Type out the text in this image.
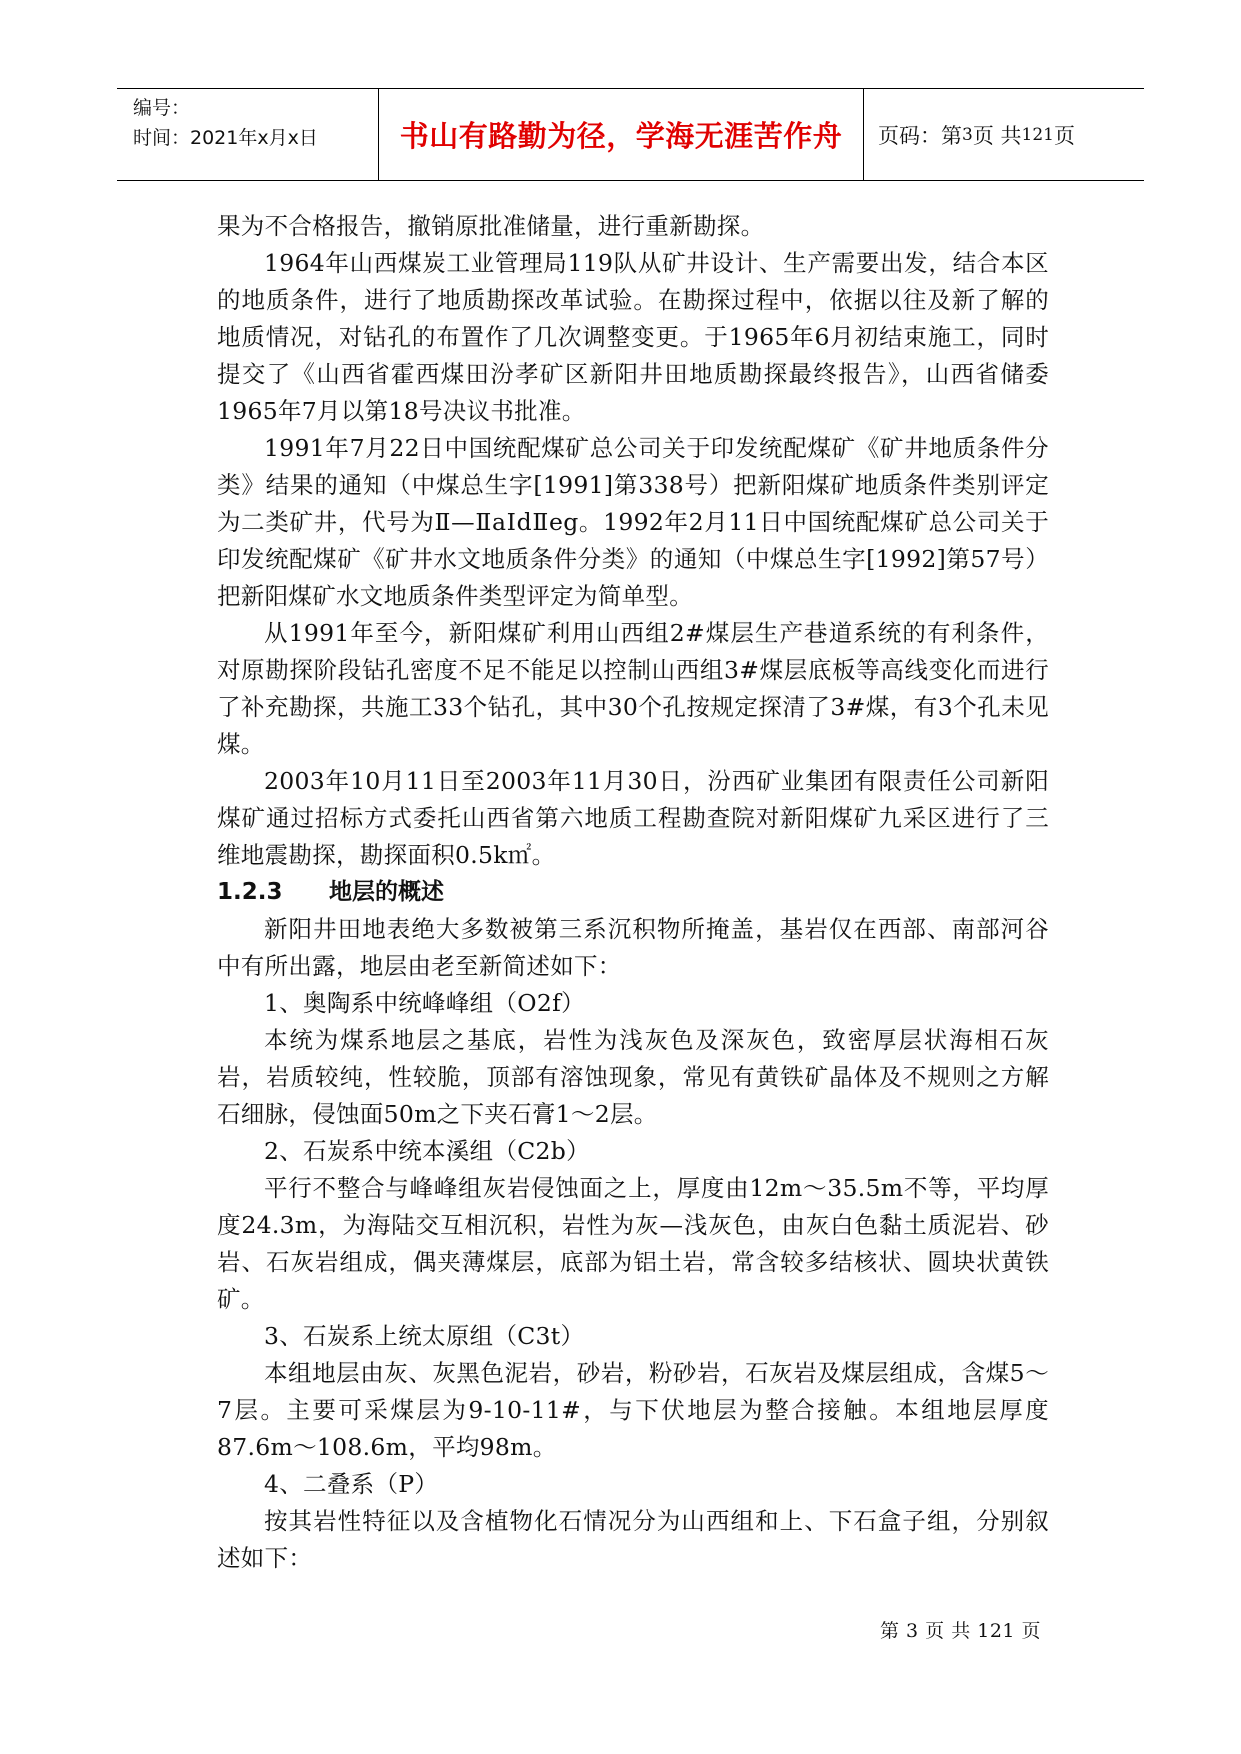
编号：
时间：2021年x月x日	书山有路勤为径，学海无涯苦作舟	页码：第 3 页 共 121 页

果为不合格报告，撤销原批准储量，进行重新勘探。

1964年山西煤炭工业管理局119队从矿井设计、生产需要出发，结合本区的地质条件，进行了地质勘探改革试验。在勘探过程中，依据以往及新了解的地质情况，对钻孔的布置作了几次调整变更。于1965年6月初结束施工，同时提交了《山西省霍西煤田汾孝矿区新阳井田地质勘探最终报告》，山西省储委1965年7月以第18号决议书批准。

1991年7月22日中国统配煤矿总公司关于印发统配煤矿《矿井地质条件分类》结果的通知（中煤总生字[1991]第338号）把新阳煤矿地质条件类别评定为二类矿井，代号为Ⅱ—ⅡaⅠdⅡeg。1992年2月11日中国统配煤矿总公司关于印发统配煤矿《矿井水文地质条件分类》的通知（中煤总生字[1992]第57号）把新阳煤矿水文地质条件类型评定为简单型。

从1991年至今，新阳煤矿利用山西组2#煤层生产巷道系统的有利条件，对原勘探阶段钻孔密度不足不能足以控制山西组3#煤层底板等高线变化而进行了补充勘探，共施工33个钻孔，其中30个孔按规定探清了3#煤，有3个孔未见煤。

2003年10月11日至2003年11月30日，汾西矿业集团有限责任公司新阳煤矿通过招标方式委托山西省第六地质工程勘查院对新阳煤矿九采区进行了三维地震勘探，勘探面积0.5k㎡。

1.2.3 地层的概述

新阳井田地表绝大多数被第三系沉积物所掩盖，基岩仅在西部、南部河谷中有所出露，地层由老至新简述如下：

1、奥陶系中统峰峰组（O2f）

本统为煤系地层之基底，岩性为浅灰色及深灰色，致密厚层状海相石灰岩，岩质较纯，性较脆，顶部有溶蚀现象，常见有黄铁矿晶体及不规则之方解石细脉，侵蚀面50m之下夹石膏1～2层。

2、石炭系中统本溪组（C2b）

平行不整合与峰峰组灰岩侵蚀面之上，厚度由12m～35.5m不等，平均厚度24.3m，为海陆交互相沉积，岩性为灰—浅灰色，由灰白色黏土质泥岩、砂岩、石灰岩组成，偶夹薄煤层，底部为铝土岩，常含较多结核状、圆块状黄铁矿。

3、石炭系上统太原组（C3t）

本组地层由灰、灰黑色泥岩，砂岩，粉砂岩，石灰岩及煤层组成，含煤5～7层。主要可采煤层为9-10-11#，与下伏地层为整合接触。本组地层厚度87.6m～108.6m，平均98m。

4、二叠系（P）

按其岩性特征以及含植物化石情况分为山西组和上、下石盒子组，分别叙述如下：

第 3 页 共 121 页
